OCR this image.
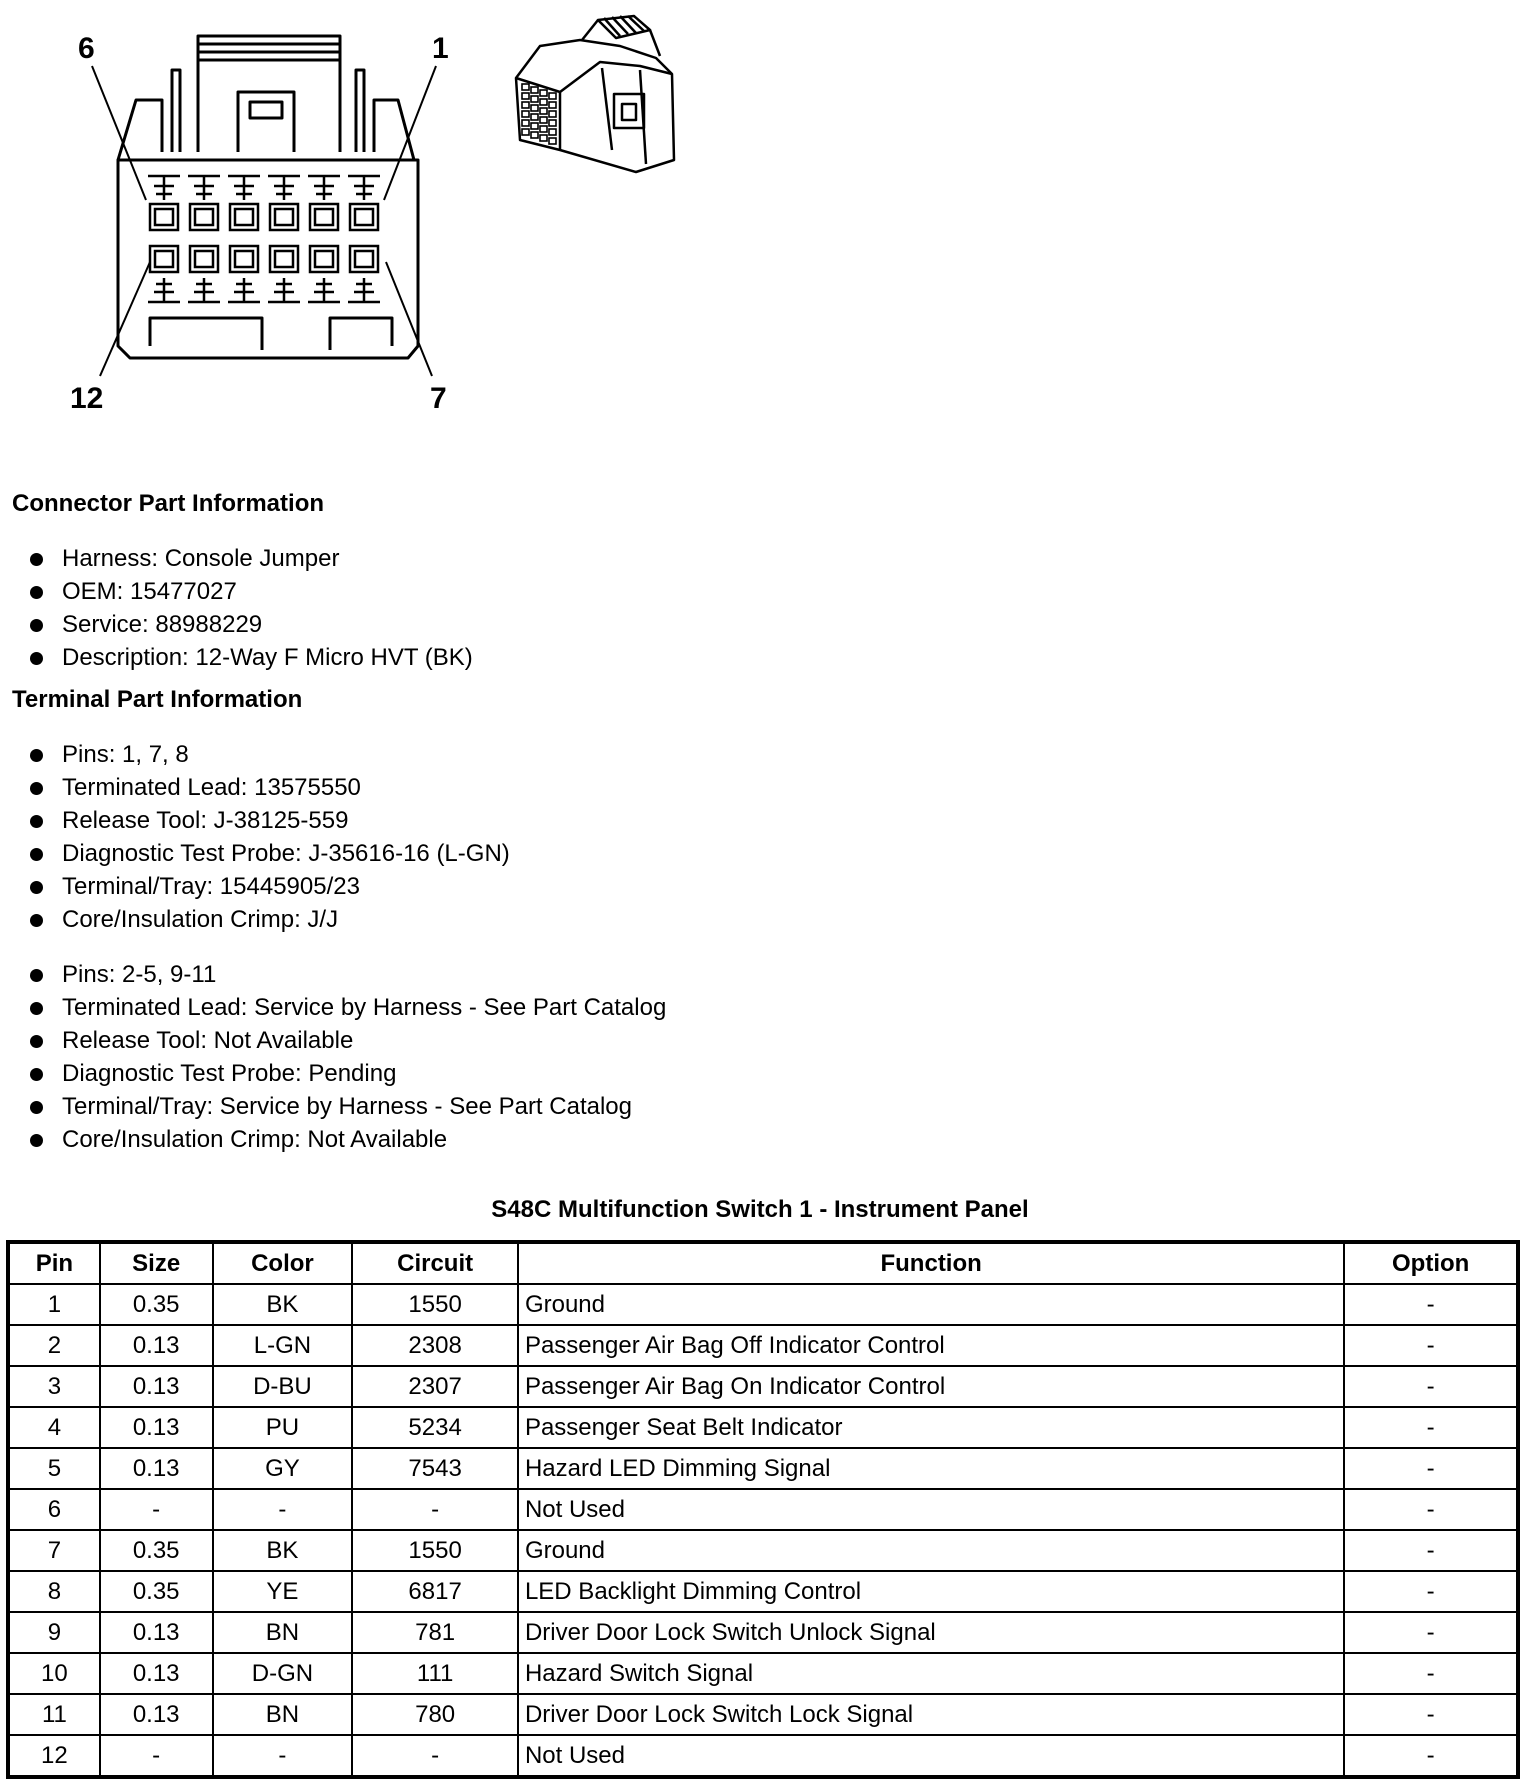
6	1
12	7
Connector Part Information
Harness: Console Jumper
OEM: 15477027
Service: 88988229
Description: 12-Way F Micro HVT (BK)
Terminal Part Information
Pins: 1, 7, 8
Terminated Lead: 13575550
Release Tool: J-38125-559
Diagnostic Test Probe: J-35616-16 (L-GN)
Terminal/Tray: 15445905/23
Core/Insulation Crimp: J/J
Pins: 2-5, 9-11
Terminated Lead: Service by Harness - See Part Catalog
Release Tool: Not Available
Diagnostic Test Probe: Pending
Terminal/Tray: Service by Harness - See Part Catalog
Core/Insulation Crimp: Not Available
S48C Multifunction Switch 1 - Instrument Panel
Pin	Size	Color	Circuit	Function	Option
1	0.35	BK	1550	Ground	-
2	0.13	L-GN	2308	Passenger Air Bag Off Indicator Control	-
3	0.13	D-BU	2307	Passenger Air Bag On Indicator Control	-
4	0.13	PU	5234	Passenger Seat Belt Indicator	-
5	0.13	GY	7543	Hazard LED Dimming Signal	-
6	-	-	-	Not Used	-
7	0.35	BK	1550	Ground	-
8	0.35	YE	6817	LED Backlight Dimming Control	-
9	0.13	BN	781	Driver Door Lock Switch Unlock Signal	-
10	0.13	D-GN	111	Hazard Switch Signal	-
11	0.13	BN	780	Driver Door Lock Switch Lock Signal	-
12	-	-	-	Not Used	-
